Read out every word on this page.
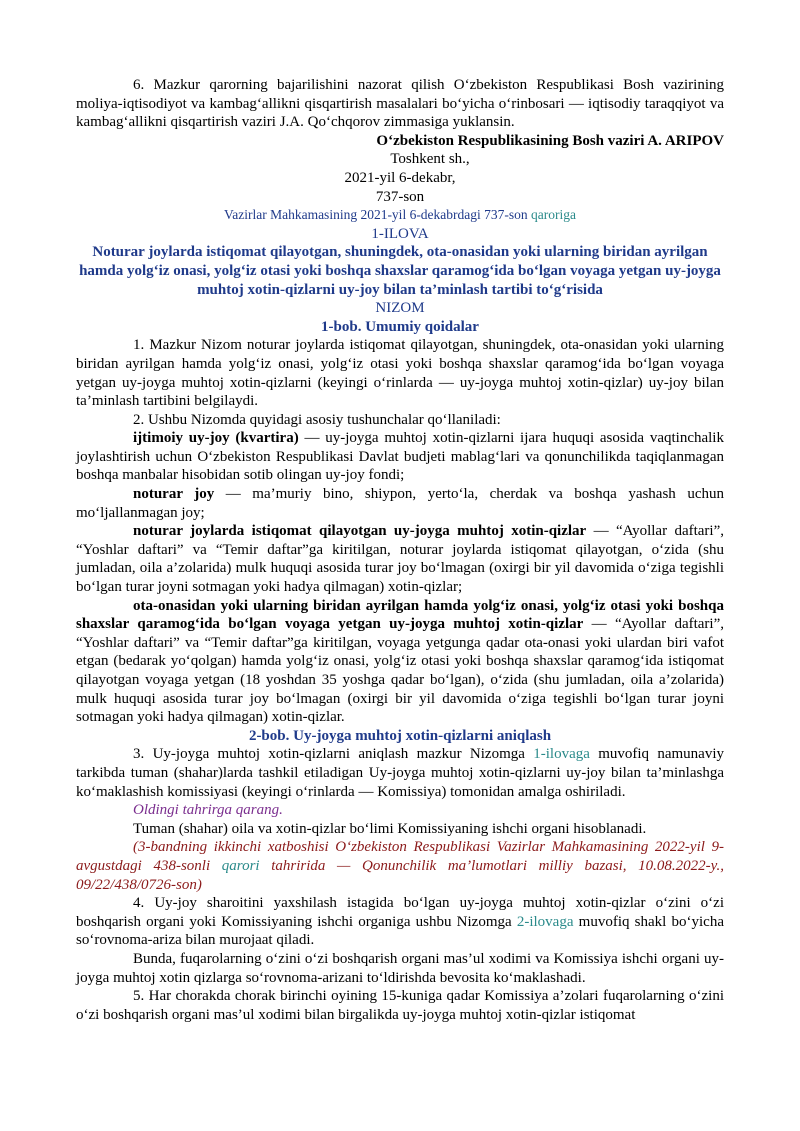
6. Mazkur qarorning bajarilishini nazorat qilish O‘zbekiston Respublikasi Bosh vazirining moliya-iqtisodiyot va kambag‘allikni qisqartirish masalalari bo‘yicha o‘rinbosari — iqtisodiy taraqqiyot va kambag‘allikni qisqartirish vaziri J.A. Qo‘chqorov zimmasiga yuklansin.

O‘zbekiston Respublikasining Bosh vaziri A. ARIPOV

Toshkent sh.,

2021-yil 6-dekabr,

737-son

Vazirlar Mahkamasining 2021-yil 6-dekabrdagi 737-son qaroriga

1-ILOVA

Noturar joylarda istiqomat qilayotgan, shuningdek, ota-onasidan yoki ularning biridan ayrilgan hamda yolg‘iz onasi, yolg‘iz otasi yoki boshqa shaxslar qaramog‘ida bo‘lgan voyaga yetgan uy-joyga muhtoj xotin-qizlarni uy-joy bilan ta’minlash tartibi to‘g‘risida

NIZOM

1-bob. Umumiy qoidalar

1. Mazkur Nizom noturar joylarda istiqomat qilayotgan, shuningdek, ota-onasidan yoki ularning biridan ayrilgan hamda yolg‘iz onasi, yolg‘iz otasi yoki boshqa shaxslar qaramog‘ida bo‘lgan voyaga yetgan uy-joyga muhtoj xotin-qizlarni (keyingi o‘rinlarda — uy-joyga muhtoj xotin-qizlar) uy-joy bilan ta’minlash tartibini belgilaydi.

2. Ushbu Nizomda quyidagi asosiy tushunchalar qo‘llaniladi:

ijtimoiy uy-joy (kvartira) — uy-joyga muhtoj xotin-qizlarni ijara huquqi asosida vaqtinchalik joylashtirish uchun O‘zbekiston Respublikasi Davlat budjeti mablag‘lari va qonunchilikda taqiqlanmagan boshqa manbalar hisobidan sotib olingan uy-joy fondi;

noturar joy — ma’muriy bino, shiypon, yerto‘la, cherdak va boshqa yashash uchun mo‘ljallanmagan joy;

noturar joylarda istiqomat qilayotgan uy-joyga muhtoj xotin-qizlar — “Ayollar daftari”, “Yoshlar daftari” va “Temir daftar”ga kiritilgan, noturar joylarda istiqomat qilayotgan, o‘zida (shu jumladan, oila a’zolarida) mulk huquqi asosida turar joy bo‘lmagan (oxirgi bir yil davomida o‘ziga tegishli bo‘lgan turar joyni sotmagan yoki hadya qilmagan) xotin-qizlar;

ota-onasidan yoki ularning biridan ayrilgan hamda yolg‘iz onasi, yolg‘iz otasi yoki boshqa shaxslar qaramog‘ida bo‘lgan voyaga yetgan uy-joyga muhtoj xotin-qizlar — “Ayollar daftari”, “Yoshlar daftari” va “Temir daftar”ga kiritilgan, voyaga yetgunga qadar ota-onasi yoki ulardan biri vafot etgan (bedarak yo‘qolgan) hamda yolg‘iz onasi, yolg‘iz otasi yoki boshqa shaxslar qaramog‘ida istiqomat qilayotgan voyaga yetgan (18 yoshdan 35 yoshga qadar bo‘lgan), o‘zida (shu jumladan, oila a’zolarida) mulk huquqi asosida turar joy bo‘lmagan (oxirgi bir yil davomida o‘ziga tegishli bo‘lgan turar joyni sotmagan yoki hadya qilmagan) xotin-qizlar.

2-bob. Uy-joyga muhtoj xotin-qizlarni aniqlash

3. Uy-joyga muhtoj xotin-qizlarni aniqlash mazkur Nizomga 1-ilovaga muvofiq namunaviy tarkibda tuman (shahar)larda tashkil etiladigan Uy-joyga muhtoj xotin-qizlarni uy-joy bilan ta’minlashga ko‘maklashish komissiyasi (keyingi o‘rinlarda — Komissiya) tomonidan amalga oshiriladi.

Oldingi tahrirga qarang.

Tuman (shahar) oila va xotin-qizlar bo‘limi Komissiyaning ishchi organi hisoblanadi.

(3-bandning ikkinchi xatboshisi O‘zbekiston Respublikasi Vazirlar Mahkamasining 2022-yil 9-avgustdagi 438-sonli qarori tahririda — Qonunchilik ma’lumotlari milliy bazasi, 10.08.2022-y., 09/22/438/0726-son)

4. Uy-joy sharoitini yaxshilash istagida bo‘lgan uy-joyga muhtoj xotin-qizlar o‘zini o‘zi boshqarish organi yoki Komissiyaning ishchi organiga ushbu Nizomga 2-ilovaga muvofiq shakl bo‘yicha so‘rovnoma-ariza bilan murojaat qiladi.

Bunda, fuqarolarning o‘zini o‘zi boshqarish organi mas’ul xodimi va Komissiya ishchi organi uy-joyga muhtoj xotin qizlarga so‘rovnoma-arizani to‘ldirishda bevosita ko‘maklashadi.

5. Har chorakda chorak birinchi oyining 15-kuniga qadar Komissiya a’zolari fuqarolarning o‘zini o‘zi boshqarish organi mas’ul xodimi bilan birgalikda uy-joyga muhtoj xotin-qizlar istiqomat
